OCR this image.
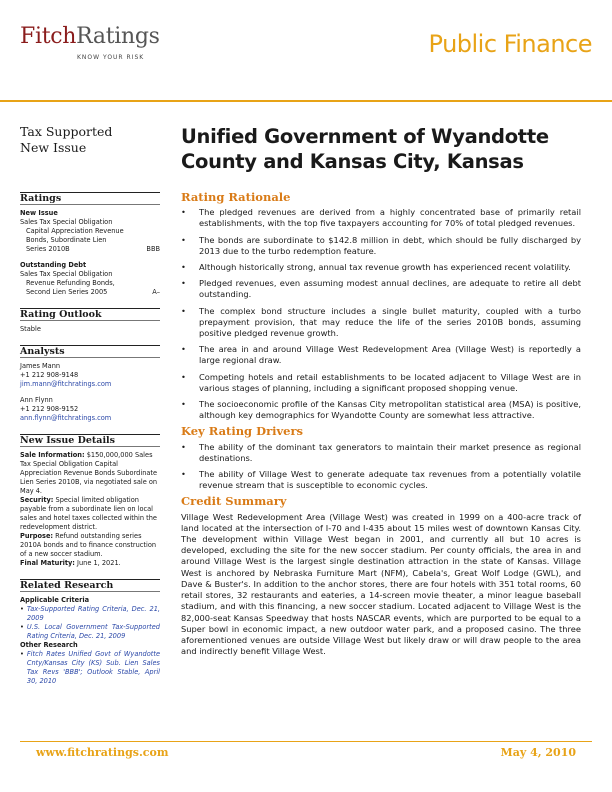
FitchRatings
KNOW YOUR RISK	Public Finance
Tax Supported
New Issue	Unified Government of Wyandotte County and Kansas City, Kansas
Ratings
New Issue
Sales Tax Special Obligation
Capital Appreciation Revenue
Bonds, Subordinate Lien
Series 2010B	BBB
Outstanding Debt
Sales Tax Special Obligation
Revenue Refunding Bonds,
Second Lien Series 2005	A–
Rating Outlook
Stable
Analysts
James Mann
+1 212 908-9148
jim.mann@fitchratings.com
Ann Flynn
+1 212 908-9152
ann.flynn@fitchratings.com
New Issue Details
Sale Information: $150,000,000 Sales Tax Special Obligation Capital Appreciation Revenue Bonds Subordinate Lien Series 2010B, via negotiated sale on May 4.
Security: Special limited obligation payable from a subordinate lien on local sales and hotel taxes collected within the redevelopment district.
Purpose: Refund outstanding series 2010A bonds and to finance construction of a new soccer stadium.
Final Maturity: June 1, 2021.
Related Research
Applicable Criteria
• Tax-Supported Rating Criteria, Dec. 21, 2009
• U.S. Local Government Tax-Supported Rating Criteria, Dec. 21, 2009
Other Research
• Fitch Rates Unified Govt of Wyandotte Cnty/Kansas City (KS) Sub. Lien Sales Tax Revs 'BBB'; Outlook Stable, April 30, 2010
Rating Rationale
•	The pledged revenues are derived from a highly concentrated base of primarily retail establishments, with the top five taxpayers accounting for 70% of total pledged revenues.
•	The bonds are subordinate to $142.8 million in debt, which should be fully discharged by 2013 due to the turbo redemption feature.
•	Although historically strong, annual tax revenue growth has experienced recent volatility.
•	Pledged revenues, even assuming modest annual declines, are adequate to retire all debt outstanding.
•	The complex bond structure includes a single bullet maturity, coupled with a turbo prepayment provision, that may reduce the life of the series 2010B bonds, assuming positive pledged revenue growth.
•	The area in and around Village West Redevelopment Area (Village West) is reportedly a large regional draw.
•	Competing hotels and retail establishments to be located adjacent to Village West are in various stages of planning, including a significant proposed shopping venue.
•	The socioeconomic profile of the Kansas City metropolitan statistical area (MSA) is positive, although key demographics for Wyandotte County are somewhat less attractive.
Key Rating Drivers
•	The ability of the dominant tax generators to maintain their market presence as regional destinations.
•	The ability of Village West to generate adequate tax revenues from a potentially volatile revenue stream that is susceptible to economic cycles.
Credit Summary
Village West Redevelopment Area (Village West) was created in 1999 on a 400-acre track of land located at the intersection of I-70 and I-435 about 15 miles west of downtown Kansas City. The development within Village West began in 2001, and currently all but 10 acres is developed, excluding the site for the new soccer stadium. Per county officials, the area in and around Village West is the largest single destination attraction in the state of Kansas. Village West is anchored by Nebraska Furniture Mart (NFM), Cabela's, Great Wolf Lodge (GWL), and Dave & Buster's. In addition to the anchor stores, there are four hotels with 351 total rooms, 60 retail stores, 32 restaurants and eateries, a 14-screen movie theater, a minor league baseball stadium, and with this financing, a new soccer stadium. Located adjacent to Village West is the 82,000-seat Kansas Speedway that hosts NASCAR events, which are purported to be equal to a Super bowl in economic impact, a new outdoor water park, and a proposed casino. The three aforementioned venues are outside Village West but likely draw or will draw people to the area and indirectly benefit Village West.
www.fitchratings.com	May 4, 2010
